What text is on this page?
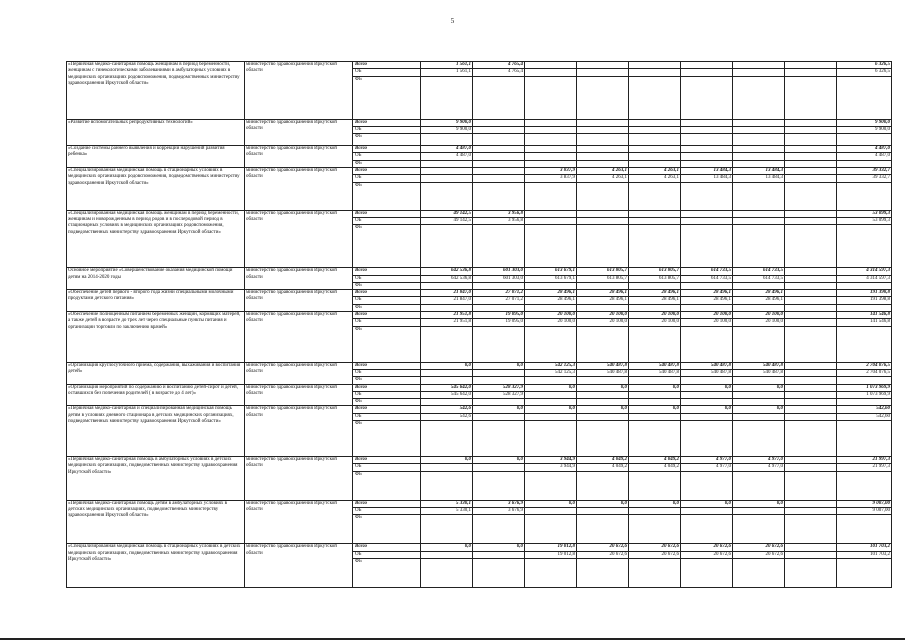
5
«Первичная медико-санитарная помощь женщинам в период беременности, женщинам с гинекологическими заболеваниями в амбулаторных условиях в медицинских организациях родовспоможения, подведомственных министерству здравоохранения Иркутской области»	министерство здравоохранения Иркутской области	Всего	1 561,1	4 765,4							6 326,5
		ОБ	1 561,1	4 765,4							6 326,5
		ФБ									
«Развитие вспомогательных репродуктивных технологий»	министерство здравоохранения Иркутской области	Всего	9 900,0								9 900,0
		ОБ	9 900,0								9 900,0
		ФБ									
«Создание системы раннего выявления и коррекции нарушений развития ребенка»	министерство здравоохранения Иркутской области	Всего	4 487,0								4 487,0
		ОБ	4 487,0								4 487,0
		ФБ									
«Специализированная медицинская помощь в стационарных условиях в медицинских организациях родовспоможения, подведомственных министерству здравоохранения Иркутской области»	министерство здравоохранения Иркутской области	Всего			3 837,9	4 263,1	4 263,1	13 484,3	13 484,3		39 332,7
		ОБ			3 837,9	4 263,1	4 263,1	13 484,3	13 484,3		39 332,7
		ФБ									
«Специализированная медицинская помощь женщинам в период беременности, женщинам и новорожденным в период родов и в послеродовой период в стационарных условиях в медицинских организациях родовспоможения, подведомственных министерству здравоохранения Иркутской области»	министерство здравоохранения Иркутской области	Всего	49 142,5	3 956,8							53 099,3
		ОБ	49 142,5	3 956,8							53 099,3
		ФБ									
Основное мероприятие «Совершенствование оказания медицинской помощи детям на 2014-2020 годы	министерство здравоохранения Иркутской области	Всего	642 536,8	601 303,0	613 679,1	613 805,7	613 805,7	614 733,5	614 733,5		4 314 597,3
		ОБ	642 536,8	601 303,0	613 679,1	613 805,7	613 805,7	614 733,5	614 733,5		4 314 597,3
		ФБ									
«Обеспечение детей первого - второго года жизни специальными молочными продуктами детского питания»	министерство здравоохранения Иркутской области	Всего	21 847,0	27 071,2	28 496,1	28 496,1	28 496,1	28 496,1	28 496,1		191 398,8
		ОБ	21 847,0	27 071,2	28 496,1	28 496,1	28 496,1	28 496,1	28 496,1		191 398,8
		ФБ									
«Обеспечение полноценным питанием беременных женщин, кормящих матерей, а также детей в возрасте до трех лет через специальные пункты питания и организации торговли по заключению врачей»	министерство здравоохранения Иркутской области	Всего	21 951,8	19 095,0	20 100,0	20 100,0	20 100,0	20 100,0	20 100,0		141 546,8
		ОБ	21 951,8	19 095,0	20 100,0	20 100,0	20 100,0	20 100,0	20 100,0		141 546,8
		ФБ									
«Организация круглосуточного приема, содержания, выхаживания и воспитания детей»	министерство здравоохранения Иркутской области	Всего	0,0	0,0	542 125,3	540 487,8	540 487,8	540 487,8	540 487,8		2 704 076,5
		ОБ			542 125,3	540 487,8	540 487,8	540 487,8	540 487,8		2 704 076,5
		ФБ									
«Организация мероприятий по содержанию и воспитанию детей-сирот и детей, оставшихся без попечения родителей ( в возрасте до 4 лет)»	министерство здравоохранения Иркутской области	Всего	545 642,0	528 327,9	0,0	0,0	0,0	0,0	0,0		1 073 969,9
		ОБ	545 642,0	528 327,9							1 073 969,9
		ФБ									
«Первичная медико-санитарная и специализированная медицинская помощь детям в условиях дневного стационара в детских медицинских организациях, подведомственных министерству здравоохранения Иркутской области»	министерство здравоохранения Иркутской области	Всего	542,6	0,0	0,0	0,0	0,0	0,0	0,0		542,60
		ОБ	542,6								542,60
		ФБ									
«Первичная медико-санитарная помощь в амбулаторных условиях в детских медицинских организациях, подведомственных министерству здравоохранения Иркутской области»	министерство здравоохранения Иркутской области	Всего	0,0	0,0	3 944,9	4 049,2	4 049,2	4 977,0	4 977,0		21 997,3
		ОБ			3 944,9	4 049,2	4 049,2	4 977,0	4 977,0		21 997,3
		ФБ									
«Первичная медико-санитарная помощь детям в амбулаторных условиях в детских медицинских организациях, подведомственных министерству здравоохранения Иркутской области»	министерство здравоохранения Иркутской области	Всего	5 330,1	3 676,9	0,0	0,0	0,0	0,0	0,0		9 007,00
		ОБ	5 330,1	3 676,9							9 007,00
		ФБ									
«Специализированная медицинская помощь в стационарных условиях в детских медицинских организациях, подведомственных министерству здравоохранения Иркутской области»	министерство здравоохранения Иркутской области	Всего	0,0	0,0	19 012,8	20 672,6	20 672,6	20 672,6	20 672,6		101 703,2
		ОБ			19 012,8	20 672,6	20 672,6	20 672,6	20 672,6		101 703,2
		ФБ									
